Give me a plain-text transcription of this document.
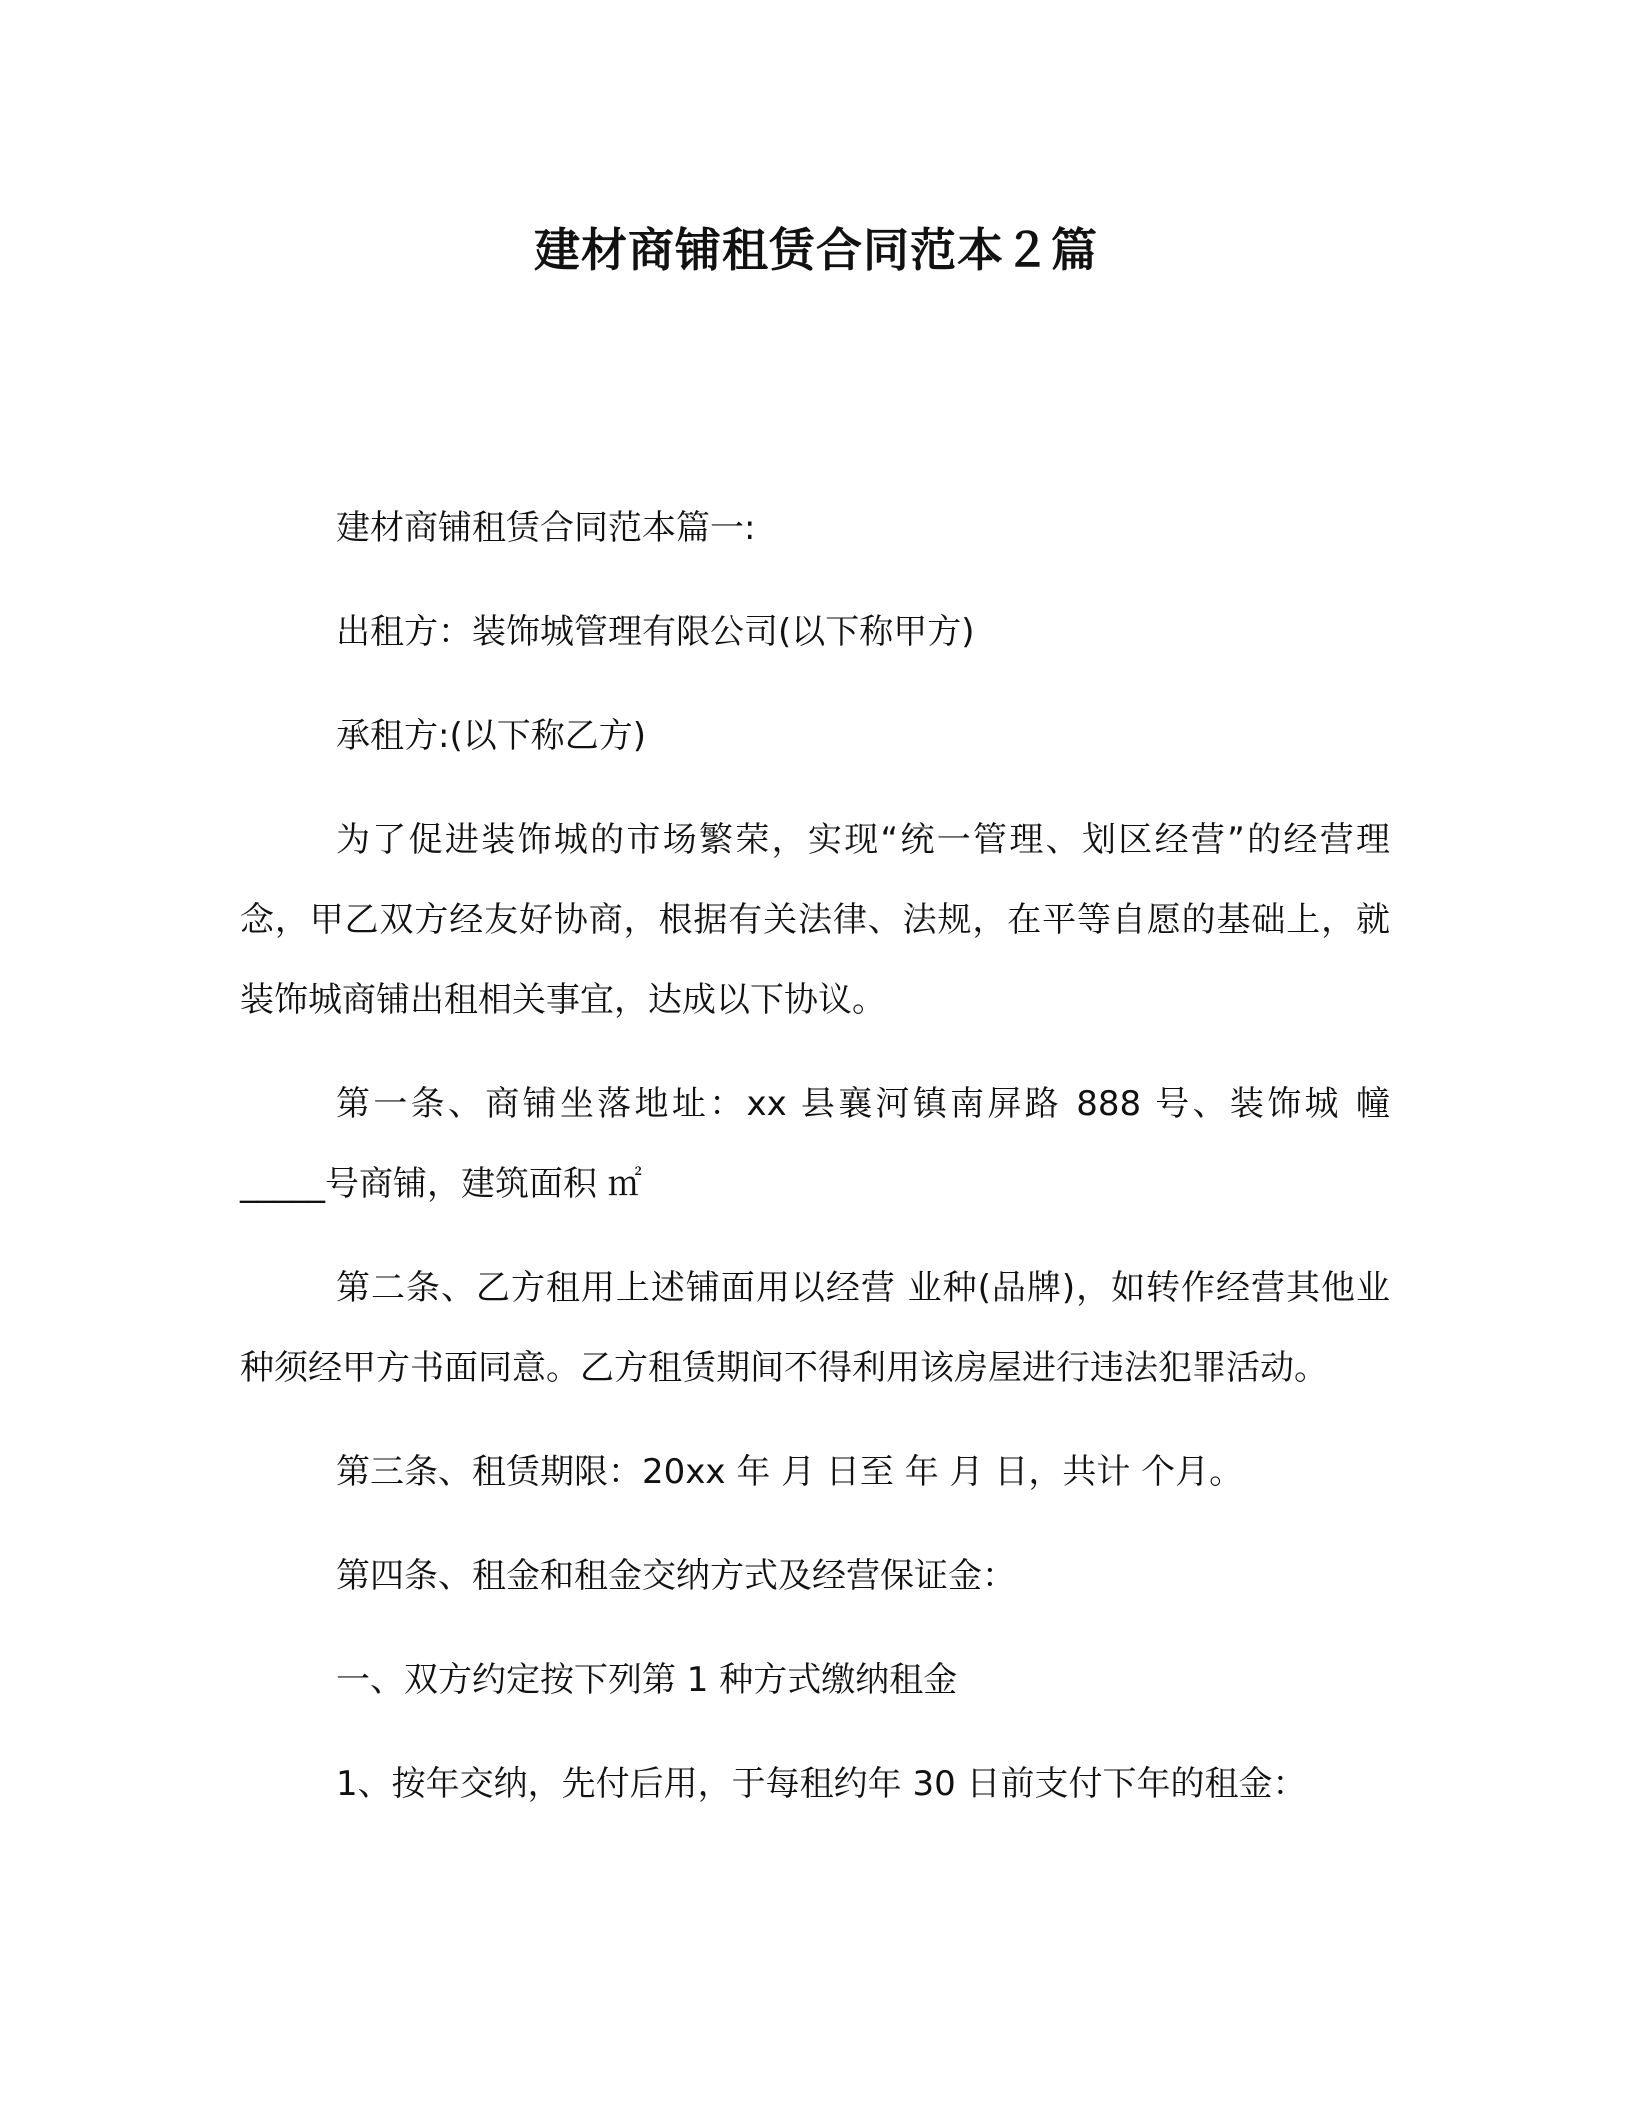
建材商铺租赁合同范本２篇

建材商铺租赁合同范本篇一:

出租方：装饰城管理有限公司(以下称甲方)

承租方:(以下称乙方)

为了促进装饰城的市场繁荣，实现“统一管理、划区经营”的经营理念，甲乙双方经友好协商，根据有关法律、法规，在平等自愿的基础上，就装饰城商铺出租相关事宜，达成以下协议。

第一条、商铺坐落地址：xx 县襄河镇南屏路 888 号、装饰城 幢 _____号商铺，建筑面积 ㎡

第二条、乙方租用上述铺面用以经营 业种(品牌)，如转作经营其他业种须经甲方书面同意。乙方租赁期间不得利用该房屋进行违法犯罪活动。

第三条、租赁期限：20xx 年 月 日至 年 月 日，共计 个月。

第四条、租金和租金交纳方式及经营保证金：

一、双方约定按下列第 1 种方式缴纳租金

1、按年交纳，先付后用，于每租约年 30 日前支付下年的租金：
